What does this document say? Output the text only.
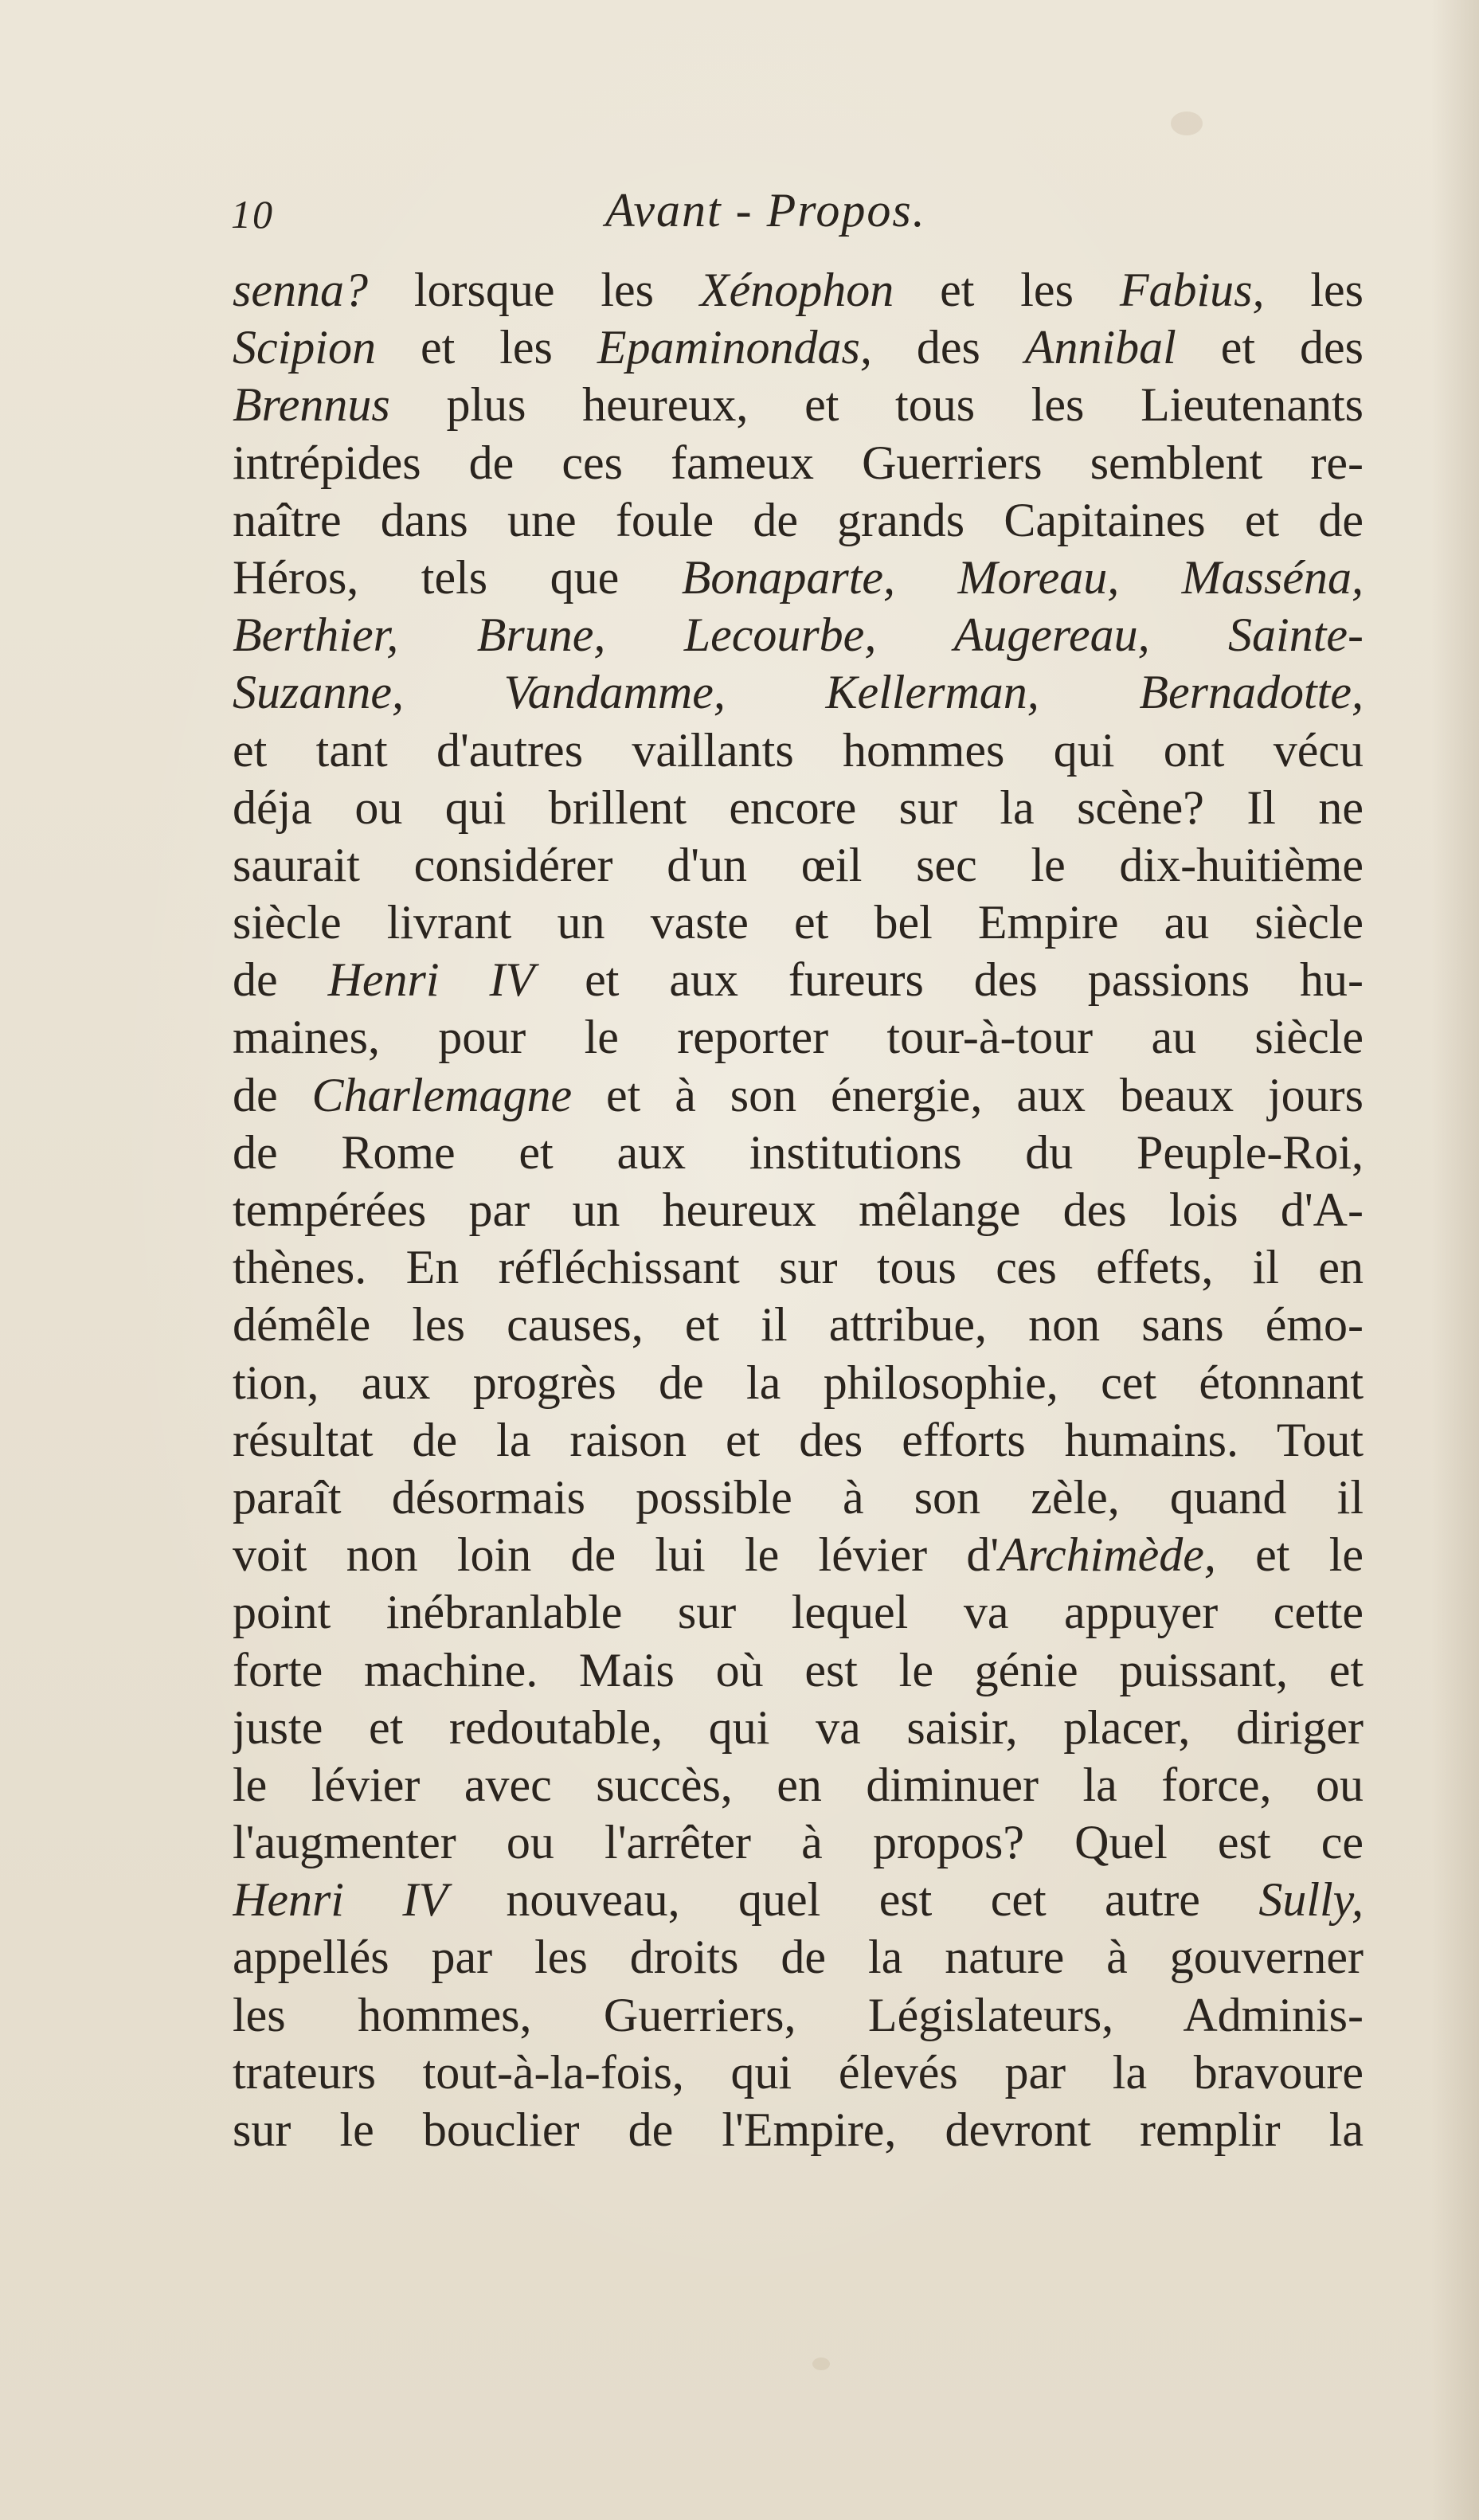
10	Avant - Propos.
senna? lorsque les Xénophon et les Fabius, les
Scipion et les Epaminondas, des Annibal et des
Brennus plus heureux, et tous les Lieutenants
intrépides de ces fameux Guerriers semblent re-
naître dans une foule de grands Capitaines et de
Héros, tels que Bonaparte, Moreau, Masséna,
Berthier, Brune, Lecourbe, Augereau, Sainte-
Suzanne, Vandamme, Kellerman, Bernadotte,
et tant d'autres vaillants hommes qui ont vécu
déja ou qui brillent encore sur la scène? Il ne
saurait considérer d'un œil sec le dix-huitième
siècle livrant un vaste et bel Empire au siècle
de Henri IV et aux fureurs des passions hu-
maines, pour le reporter tour-à-tour au siècle
de Charlemagne et à son énergie, aux beaux jours
de Rome et aux institutions du Peuple-Roi,
tempérées par un heureux mêlange des lois d'A-
thènes. En réfléchissant sur tous ces effets, il en
démêle les causes, et il attribue, non sans émo-
tion, aux progrès de la philosophie, cet étonnant
résultat de la raison et des efforts humains. Tout
paraît désormais possible à son zèle, quand il
voit non loin de lui le lévier d'Archimède, et le
point inébranlable sur lequel va appuyer cette
forte machine. Mais où est le génie puissant, et
juste et redoutable, qui va saisir, placer, diriger
le lévier avec succès, en diminuer la force, ou
l'augmenter ou l'arrêter à propos? Quel est ce
Henri IV nouveau, quel est cet autre Sully,
appellés par les droits de la nature à gouverner
les hommes, Guerriers, Législateurs, Adminis-
trateurs tout-à-la-fois, qui élevés par la bravoure
sur le bouclier de l'Empire, devront remplir la
